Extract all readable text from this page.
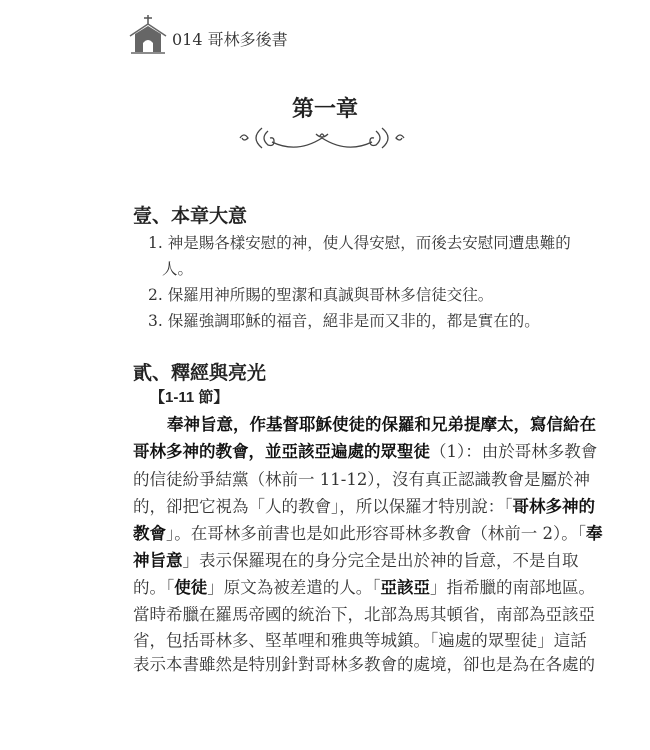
014 哥林多後書
第一章
壹、本章大意
1. 神是賜各樣安慰的神，使人得安慰，而後去安慰同遭患難的
人。
2. 保羅用神所賜的聖潔和真誠與哥林多信徒交往。
3. 保羅強調耶穌的福音，絕非是而又非的，都是實在的。
貳、釋經與亮光
【1-11 節】
奉神旨意，作基督耶穌使徒的保羅和兄弟提摩太，寫信給在
哥林多神的教會，並亞該亞遍處的眾聖徒（1）：由於哥林多教會
的信徒紛爭結黨（林前一 11-12），沒有真正認識教會是屬於神
的，卻把它視為「人的教會」，所以保羅才特別說：「哥林多神的
教會」。在哥林多前書也是如此形容哥林多教會（林前一 2）。「奉
神旨意」表示保羅現在的身分完全是出於神的旨意，不是自取
的。「使徒」原文為被差遣的人。「亞該亞」指希臘的南部地區。
當時希臘在羅馬帝國的統治下，北部為馬其頓省，南部為亞該亞
省，包括哥林多、堅革哩和雅典等城鎮。「遍處的眾聖徒」這話
表示本書雖然是特別針對哥林多教會的處境，卻也是為在各處的
